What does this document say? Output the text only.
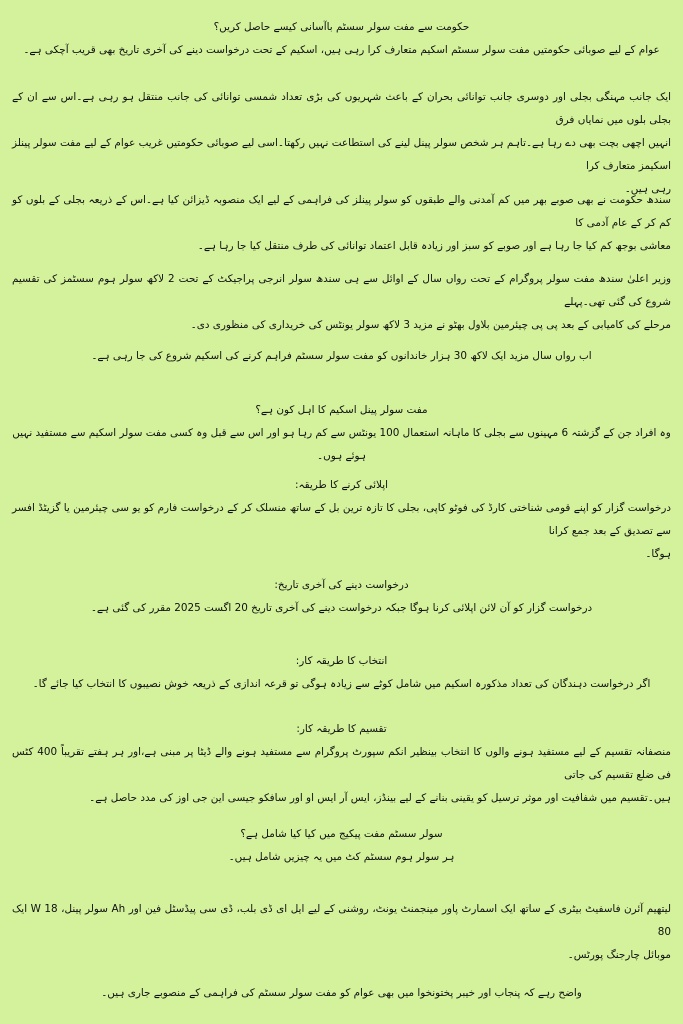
حکومت سے مفت سولر سسٹم باآسانی کیسے حاصل کریں؟
عوام کے لیے صوبائی حکومتیں مفت سولر سسٹم اسکیم متعارف کرا رہی ہیں، اسکیم کے تحت درخواست دینے کی آخری تاریخ بھی قریب آچکی ہے۔
ایک جانب مہنگی بجلی اور دوسری جانب توانائی بحران کے باعث شہریوں کی بڑی تعداد شمسی توانائی کی جانب منتقل ہو رہی ہے۔اس سے ان کے بجلی بلوں میں نمایاں فرق
انہیں اچھی بچت بھی دے رہا ہے۔تاہم ہر شخص سولر پینل لینے کی استطاعت نہیں رکھتا۔اسی لیے صوبائی حکومتیں غریب عوام کے لیے مفت سولر پینلز اسکیمز متعارف کرا
رہی ہیں۔
سندھ حکومت نے بھی صوبے بھر میں کم آمدنی والے طبقوں کو سولر پینلز کی فراہمی کے لیے ایک منصوبہ ڈیزائن کیا ہے۔اس کے ذریعہ بجلی کے بلوں کو کم کر کے عام آدمی کا
معاشی بوجھ کم کیا جا رہا ہے اور صوبے کو سبز اور زیادہ قابل اعتماد توانائی کی طرف منتقل کیا جا رہا ہے۔
وزیر اعلیٰ سندھ مفت سولر پروگرام کے تحت رواں سال کے اوائل سے ہی سندھ سولر انرجی پراجیکٹ کے تحت 2 لاکھ سولر ہوم سسٹمز کی تقسیم شروع کی گئی تھی۔پہلے
مرحلے کی کامیابی کے بعد پی پی چیئرمین بلاول بھٹو نے مزید 3 لاکھ سولر یونٹس کی خریداری کی منظوری دی۔
اب رواں سال مزید ایک لاکھ 30 ہزار خاندانوں کو مفت سولر سسٹم فراہم کرنے کی اسکیم شروع کی جا رہی ہے۔
مفت سولر پینل اسکیم کا اہل کون ہے؟
وہ افراد جن کے گزشتہ 6 مہینوں سے بجلی کا ماہانہ استعمال 100 یونٹس سے کم رہا ہو اور اس سے قبل وہ کسی مفت سولر اسکیم سے مستفید نہیں ہوئے ہوں۔
اپلائی کرنے کا طریقہ:
درخواست گزار کو اپنے قومی شناختی کارڈ کی فوٹو کاپی، بجلی کا تازہ ترین بل کے ساتھ منسلک کر کے درخواست فارم کو یو سی چیئرمین یا گزیٹڈ افسر سے تصدیق کے بعد جمع کرانا
ہوگا۔
درخواست دینے کی آخری تاریخ:
درخواست گزار کو آن لائن اپلائی کرنا ہوگا جبکہ درخواست دینے کی آخری تاریخ 20 اگست 2025 مقرر کی گئی ہے۔
انتخاب کا طریقہ کار:
اگر درخواست دہندگان کی تعداد مذکورہ اسکیم میں شامل کوٹے سے زیادہ ہوگی تو قرعہ اندازی کے ذریعہ خوش نصیبوں کا انتخاب کیا جائے گا۔
تقسیم کا طریقہ کار:
منصفانہ تقسیم کے لیے مستفید ہونے والوں کا انتخاب بینظیر انکم سپورٹ پروگرام سے مستفید ہونے والے ڈیٹا پر مبنی ہے،اور ہر ہفتے تقریباً 400 کٹس فی ضلع تقسیم کی جاتی
ہیں۔تقسیم میں شفافیت اور موثر ترسیل کو یقینی بنانے کے لیے بینڈز، ایس آر ایس او اور سافکو جیسی این جی اوز کی مدد حاصل ہے۔
سولر سسٹم مفت پیکیج میں کیا کیا شامل ہے؟
ہر سولر ہوم سسٹم کٹ میں یہ چیزیں شامل ہیں۔
لیتھیم آئرن فاسفیٹ بیٹری کے ساتھ ایک اسمارٹ پاور مینجمنٹ یونٹ، روشنی کے لیے ایل ای ڈی بلب، ڈی سی پیڈسٹل فین اور Ah سولر پینل، W 18 ایک 80
موبائل چارجنگ پورٹس۔
واضح رہے کہ پنجاب اور خیبر پختونخوا میں بھی عوام کو مفت سولر سسٹم کی فراہمی کے منصوبے جاری ہیں۔
